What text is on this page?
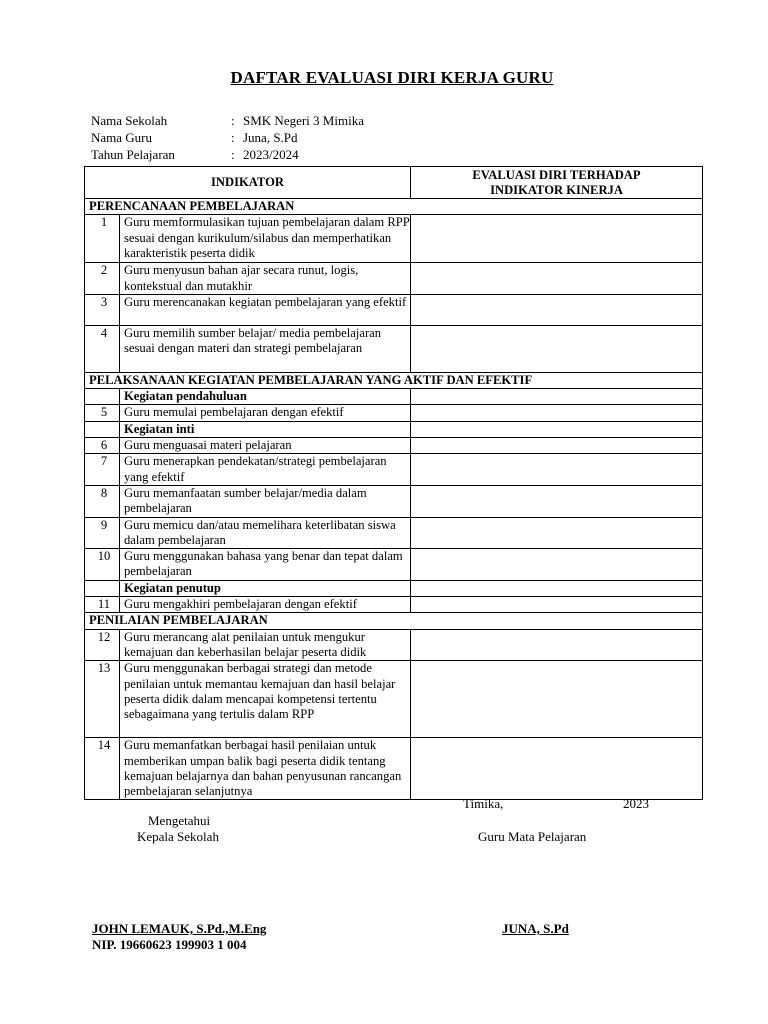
DAFTAR EVALUASI DIRI KERJA GURU
Nama Sekolah	: SMK Negeri 3 Mimika
Nama Guru	: Juna, S.Pd
Tahun Pelajaran	: 2023/2024
INDIKATOR		EVALUASI DIRI TERHADAP INDIKATOR KINERJA
PERENCANAAN PEMBELAJARAN		
1	Guru memformulasikan tujuan pembelajaran dalam RPP sesuai dengan kurikulum/silabus dan memperhatikan karakteristik peserta didik	
2	Guru menyusun bahan ajar secara runut, logis, kontekstual dan mutakhir	
3	Guru merencanakan kegiatan pembelajaran yang efektif	
4	Guru memilih sumber belajar/ media pembelajaran sesuai dengan materi dan strategi pembelajaran	
PELAKSANAAN KEGIATAN PEMBELAJARAN YANG AKTIF DAN EFEKTIF		
	Kegiatan pendahuluan	
5	Guru memulai pembelajaran dengan efektif	
	Kegiatan inti	
6	Guru menguasai materi pelajaran	
7	Guru menerapkan pendekatan/strategi pembelajaran yang efektif	
8	Guru memanfaatan sumber belajar/media dalam pembelajaran	
9	Guru memicu dan/atau memelihara keterlibatan siswa dalam pembelajaran	
10	Guru menggunakan bahasa yang benar dan tepat dalam pembelajaran	
	Kegiatan penutup	
11	Guru mengakhiri pembelajaran dengan efektif	
PENILAIAN PEMBELAJARAN		
12	Guru merancang alat penilaian untuk mengukur kemajuan dan keberhasilan belajar peserta didik	
13	Guru menggunakan berbagai strategi dan metode penilaian untuk memantau kemajuan dan hasil belajar peserta didik dalam mencapai kompetensi tertentu sebagaimana yang tertulis dalam RPP	
14	Guru memanfatkan berbagai hasil penilaian untuk memberikan umpan balik bagi peserta didik tentang kemajuan belajarnya dan bahan penyusunan rancangan pembelajaran selanjutnya	
Timika,	2023
Mengetahui
Kepala Sekolah	Guru Mata Pelajaran
JOHN LEMAUK, S.Pd.,M.Eng
NIP. 19660623 199903 1 004
JUNA, S.Pd
